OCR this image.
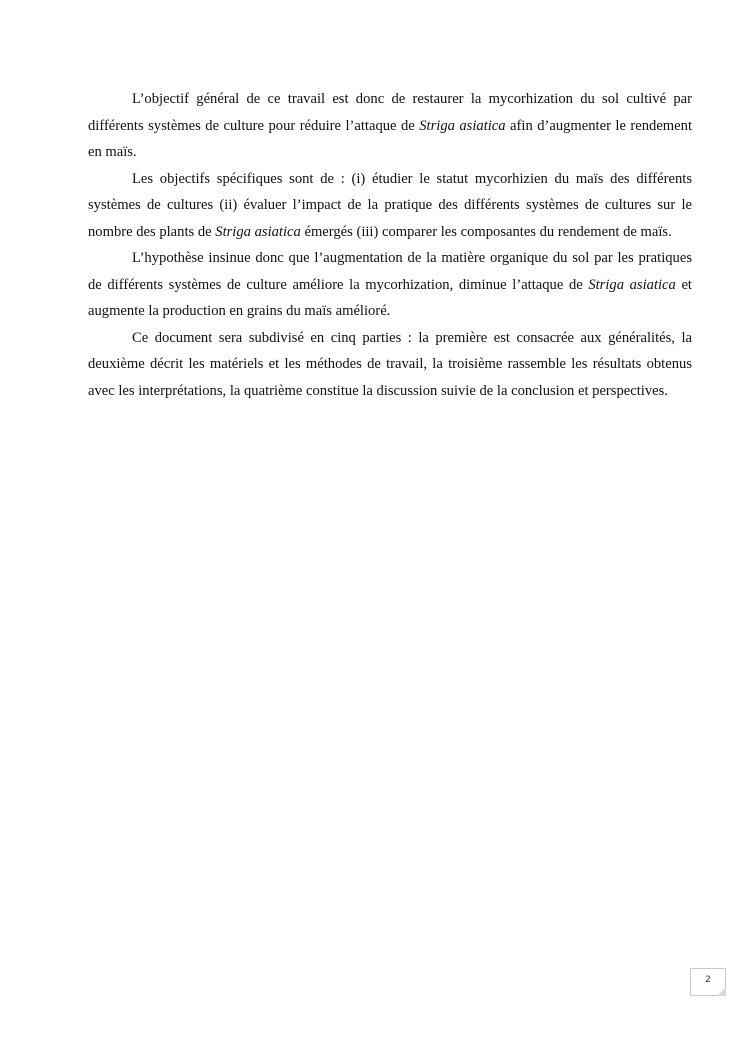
L’objectif général de ce travail est donc de restaurer la mycorhization du sol cultivé par différents systèmes de culture pour réduire l’attaque de Striga asiatica afin d’augmenter le rendement en maïs.

Les objectifs spécifiques sont de : (i) étudier le statut mycorhizien du maïs des différents systèmes de cultures (ii) évaluer l’impact de la pratique des différents systèmes de cultures sur le nombre des plants de Striga asiatica émergés (iii) comparer les composantes du rendement de maïs.

L’hypothèse insinue donc que l’augmentation de la matière organique du sol par les pratiques de différents systèmes de culture améliore la mycorhization, diminue l’attaque de Striga asiatica et augmente la production en grains du maïs amélioré.

Ce document sera subdivisé en cinq parties : la première est consacrée aux généralités, la deuxième décrit les matériels et les méthodes de travail, la troisième rassemble les résultats obtenus avec les interprétations, la quatrième constitue la discussion suivie de la conclusion et perspectives.

2
